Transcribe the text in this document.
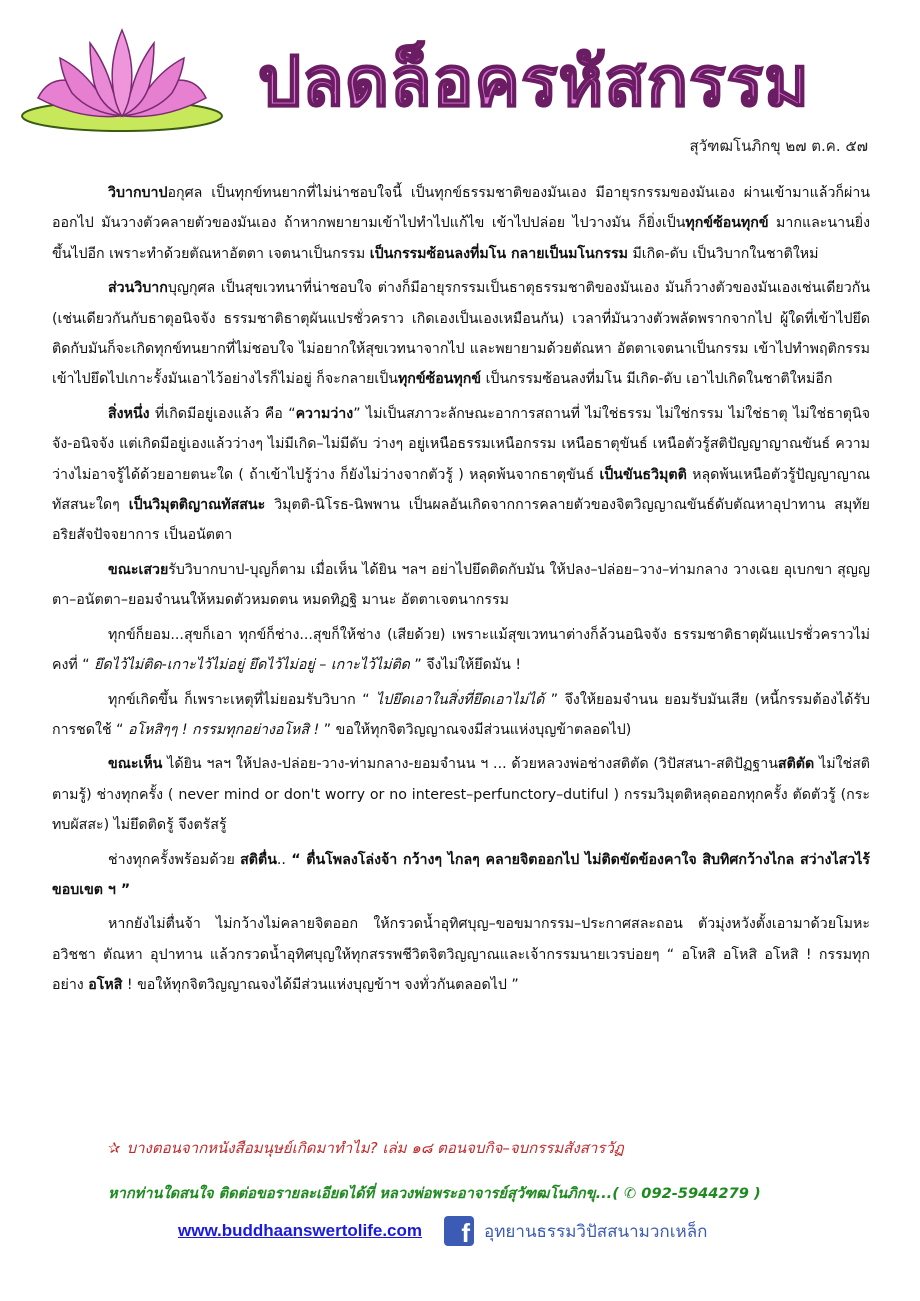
ปลดล็อครหัสกรรม
สุวัฑฒโนภิกขุ ๒๗ ต.ค. ๕๗

วิบากบาปอกุศล เป็นทุกข์ทนยากที่ไม่น่าชอบใจนี้ เป็นทุกข์ธรรมชาติของมันเอง มีอายุรกรรมของมันเอง ผ่านเข้ามาแล้วก็ผ่านออกไป มันวางตัวคลายตัวของมันเอง ถ้าหากพยายามเข้าไปทำไปแก้ไข เข้าไปปล่อย ไปวางมัน ก็ยิ่งเป็นทุกข์ซ้อนทุกข์ มากและนานยิ่งขึ้นไปอีก เพราะทำด้วยตัณหาอัตตา เจตนาเป็นกรรม เป็นกรรมซ้อนลงที่มโน กลายเป็นมโนกรรม มีเกิด-ดับ เป็นวิบากในชาติใหม่

ส่วนวิบากบุญกุศล เป็นสุขเวทนาที่น่าชอบใจ ต่างก็มีอายุรกรรมเป็นธาตุธรรมชาติของมันเอง มันก็วางตัวของมันเองเช่นเดียวกัน (เช่นเดียวกันกับธาตุอนิจจัง ธรรมชาติธาตุผันแปรชั่วคราว เกิดเองเป็นเองเหมือนกัน) เวลาที่มันวางตัวพลัดพรากจากไป ผู้ใดที่เข้าไปยึดติดกับมันก็จะเกิดทุกข์ทนยากที่ไม่ชอบใจ ไม่อยากให้สุขเวทนาจากไป และพยายามด้วยตัณหา อัตตาเจตนาเป็นกรรม เข้าไปทำพฤติกรรม เข้าไปยึดไปเกาะรั้งมันเอาไว้อย่างไรก็ไม่อยู่ ก็จะกลายเป็นทุกข์ซ้อนทุกข์ เป็นกรรมซ้อนลงที่มโน มีเกิด-ดับ เอาไปเกิดในชาติใหม่อีก

สิ่งหนึ่ง ที่เกิดมีอยู่เองแล้ว คือ “ความว่าง” ไม่เป็นสภาวะลักษณะอาการสถานที่ ไม่ใช่ธรรม ไม่ใช่กรรม ไม่ใช่ธาตุ ไม่ใช่ธาตุนิจจัง-อนิจจัง แต่เกิดมีอยู่เองแล้วว่างๆ ไม่มีเกิด–ไม่มีดับ ว่างๆ อยู่เหนือธรรมเหนือกรรม เหนือธาตุขันธ์ เหนือตัวรู้สติปัญญาญาณขันธ์ ความว่างไม่อาจรู้ได้ด้วยอายตนะใด ( ถ้าเข้าไปรู้ว่าง ก็ยังไม่ว่างจากตัวรู้ ) หลุดพ้นจากธาตุขันธ์ เป็นขันธวิมุตติ หลุดพ้นเหนือตัวรู้ปัญญาญาณทัสสนะใดๆ เป็นวิมุตติญาณทัสสนะ วิมุตติ-นิโรธ-นิพพาน เป็นผลอันเกิดจากการคลายตัวของจิตวิญญาณขันธ์ดับตัณหาอุปาทาน สมุทัย อริยสัจปัจจยาการ เป็นอนัตตา

ขณะเสวยรับวิบากบาป-บุญก็ตาม เมื่อเห็น ได้ยิน ฯลฯ อย่าไปยึดติดกับมัน ให้ปลง–ปล่อย–วาง–ท่ามกลาง วางเฉย อุเบกขา สุญญตา–อนัตตา–ยอมจำนนให้หมดตัวหมดตน หมดทิฏฐิ มานะ อัตตาเจตนากรรม

ทุกข์ก็ยอม...สุขก็เอา ทุกข์ก็ช่าง...สุขก็ให้ช่าง (เสียด้วย) เพราะแม้สุขเวทนาต่างก็ล้วนอนิจจัง ธรรมชาติธาตุผันแปรชั่วคราวไม่คงที่ “ ยึดไว้ไม่ติด-เกาะไว้ไม่อยู่ ยึดไว้ไม่อยู่ – เกาะไว้ไม่ติด ” จึงไม่ให้ยึดมัน !

ทุกข์เกิดขึ้น ก็เพราะเหตุที่ไม่ยอมรับวิบาก “ ไปยึดเอาในสิ่งที่ยึดเอาไม่ได้ ” จึงให้ยอมจำนน ยอมรับมันเสีย (หนี้กรรมต้องได้รับการชดใช้ “ อโหสิๆๆ ! กรรมทุกอย่างอโหสิ ! ” ขอให้ทุกจิตวิญญาณจงมีส่วนแห่งบุญข้าตลอดไป)

ขณะเห็น ได้ยิน ฯลฯ ให้ปลง-ปล่อย-วาง-ท่ามกลาง-ยอมจำนน ฯ ... ด้วยหลวงพ่อช่างสติตัด (วิปัสสนา-สติปัฏฐานสติตัด ไม่ใช่สติตามรู้) ช่างทุกครั้ง ( never mind or don't worry or no interest–perfunctory–dutiful ) กรรมวิมุตติหลุดออกทุกครั้ง ตัดตัวรู้ (กระทบผัสสะ) ไม่ยึดติดรู้ จึงตรัสรู้

ช่างทุกครั้งพร้อมด้วย สติตื่น.. “ ตื่นโพลงโล่งจ้า กว้างๆ ไกลๆ คลายจิตออกไป ไม่ติดขัดข้องคาใจ สิบทิศกว้างไกล สว่างไสวไร้ขอบเขต ฯ ”

หากยังไม่ตื่นจ้า ไม่กว้างไม่คลายจิตออก ให้กรวดน้ำอุทิศบุญ–ขอขมากรรม–ประกาศสละถอน ตัวมุ่งหวังตั้งเอามาด้วยโมหะ อวิชชา ตัณหา อุปาทาน แล้วกรวดน้ำอุทิศบุญให้ทุกสรรพชีวิตจิตวิญญาณและเจ้ากรรมนายเวรบ่อยๆ “ อโหสิ อโหสิ อโหสิ ! กรรมทุกอย่าง อโหสิ ! ขอให้ทุกจิตวิญญาณจงได้มีส่วนแห่งบุญข้าฯ จงทั่วกันตลอดไป ”

✰ บางตอนจากหนังสือมนุษย์เกิดมาทำไม? เล่ม ๑๘ ตอนจบกิจ–จบกรรมสังสารวัฏ
หากท่านใดสนใจ ติดต่อขอรายละเอียดได้ที่ หลวงพ่อพระอาจารย์สุวัฑฒโนภิกขุ...( ✆ 092-5944279 )
www.buddhaanswertolife.com	f อุทยานธรรมวิปัสสนามวกเหล็ก
